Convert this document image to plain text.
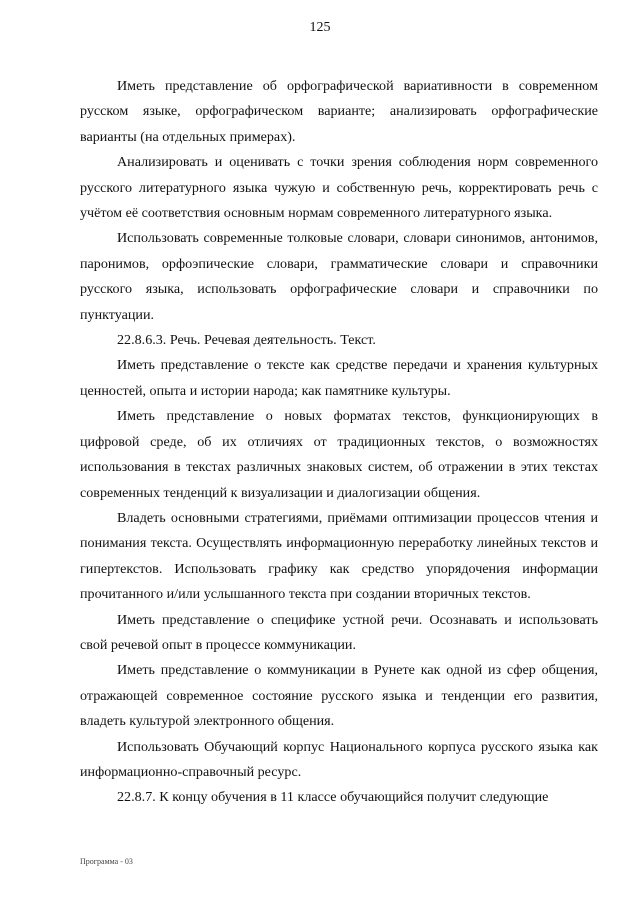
125

Иметь представление об орфографической вариативности в современном русском языке, орфографическом варианте; анализировать орфографические варианты (на отдельных примерах).

Анализировать и оценивать с точки зрения соблюдения норм современного русского литературного языка чужую и собственную речь, корректировать речь с учётом её соответствия основным нормам современного литературного языка.

Использовать современные толковые словари, словари синонимов, антонимов, паронимов, орфоэпические словари, грамматические словари и справочники русского языка, использовать орфографические словари и справочники по пунктуации.

22.8.6.3. Речь. Речевая деятельность. Текст.

Иметь представление о тексте как средстве передачи и хранения культурных ценностей, опыта и истории народа; как памятнике культуры.

Иметь представление о новых форматах текстов, функционирующих в цифровой среде, об их отличиях от традиционных текстов, о возможностях использования в текстах различных знаковых систем, об отражении в этих текстах современных тенденций к визуализации и диалогизации общения.

Владеть основными стратегиями, приёмами оптимизации процессов чтения и понимания текста. Осуществлять информационную переработку линейных текстов и гипертекстов. Использовать графику как средство упорядочения информации прочитанного и/или услышанного текста при создании вторичных текстов.

Иметь представление о специфике устной речи. Осознавать и использовать свой речевой опыт в процессе коммуникации.

Иметь представление о коммуникации в Рунете как одной из сфер общения, отражающей современное состояние русского языка и тенденции его развития, владеть культурой электронного общения.

Использовать Обучающий корпус Национального корпуса русского языка как информационно-справочный ресурс.

22.8.7. К концу обучения в 11 классе обучающийся получит следующие

Программа - 03
